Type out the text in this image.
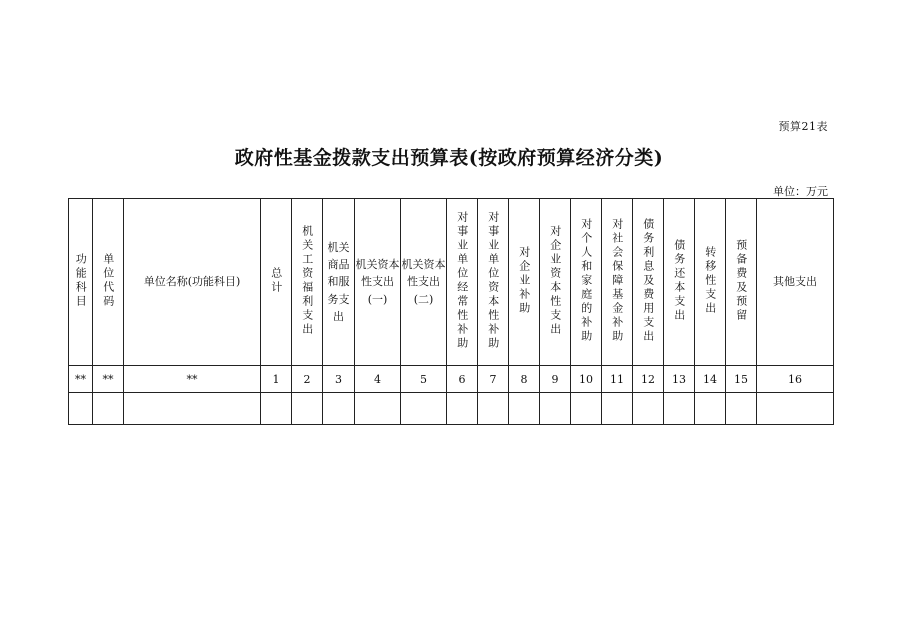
预算21表
政府性基金拨款支出预算表(按政府预算经济分类)
单位：万元
功能科目	单位代码	单位名称(功能科目)	总计	机关工资福利支出	机关商品和服务支出	机关资本性支出(一)	机关资本性支出(二)	对事业单位经常性补助	对事业单位资本性补助	对企业补助	对企业资本性支出	对个人和家庭的补助	对社会保障基金补助	债务利息及费用支出	债务还本支出	转移性支出	预备费及预留	其他支出
**	**	**	1	2	3	4	5	6	7	8	9	10	11	12	13	14	15	16
